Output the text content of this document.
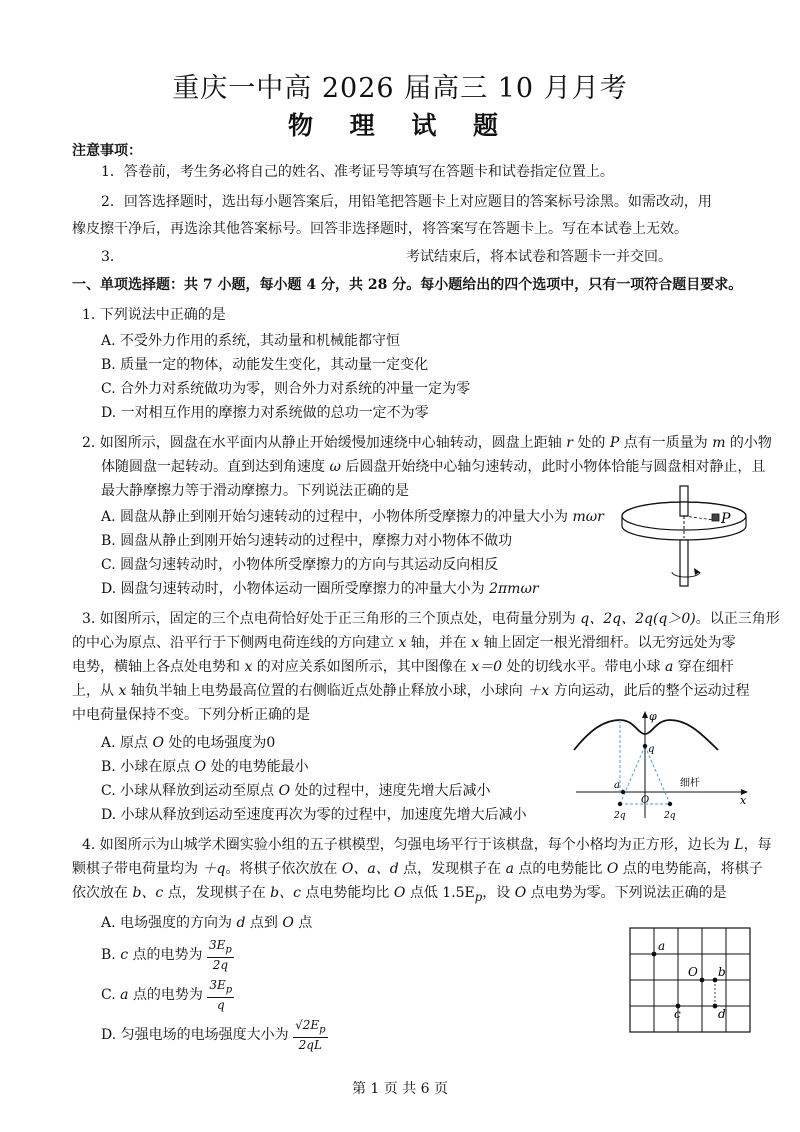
重庆一中高 2026 届高三 10 月月考
物 理 试 题
注意事项：
1．答卷前，考生务必将自己的姓名、准考证号等填写在答题卡和试卷指定位置上。
2．回答选择题时，选出每小题答案后，用铅笔把答题卡上对应题目的答案标号涂黑。如需改动，用
橡皮擦干净后，再选涂其他答案标号。回答非选择题时，将答案写在答题卡上。写在本试卷上无效。
3．	考试结束后，将本试卷和答题卡一并交回。
一、单项选择题：共 7 小题，每小题 4 分，共 28 分。每小题给出的四个选项中，只有一项符合题目要求。
1. 下列说法中正确的是
A. 不受外力作用的系统，其动量和机械能都守恒
B. 质量一定的物体，动能发生变化，其动量一定变化
C. 合外力对系统做功为零，则合外力对系统的冲量一定为零
D. 一对相互作用的摩擦力对系统做的总功一定不为零
2. 如图所示，圆盘在水平面内从静止开始缓慢加速绕中心轴转动，圆盘上距轴 r 处的 P 点有一质量为 m 的小物
体随圆盘一起转动。直到达到角速度 ω 后圆盘开始绕中心轴匀速转动，此时小物体恰能与圆盘相对静止，且
最大静摩擦力等于滑动摩擦力。下列说法正确的是
A. 圆盘从静止到刚开始匀速转动的过程中，小物体所受摩擦力的冲量大小为 mωr
B. 圆盘从静止到刚开始匀速转动的过程中，摩擦力对小物体不做功
C. 圆盘匀速转动时，小物体所受摩擦力的方向与其运动反向相反
D. 圆盘匀速转动时，小物体运动一圈所受摩擦力的冲量大小为 2πmωr
P
3. 如图所示，固定的三个点电荷恰好处于正三角形的三个顶点处，电荷量分别为 q、2q、2q(q＞0)。以正三角形
的中心为原点、沿平行于下侧两电荷连线的方向建立 x 轴，并在 x 轴上固定一根光滑细杆。以无穷远处为零
电势，横轴上各点处电势和 x 的对应关系如图所示，其中图像在 x＝0 处的切线水平。带电小球 a 穿在细杆
上，从 x 轴负半轴上电势最高位置的右侧临近点处静止释放小球，小球向 ＋x 方向运动，此后的整个运动过程
中电荷量保持不变。下列分析正确的是
A. 原点 O 处的电场强度为0
B. 小球在原点 O 处的电势能最小
C. 小球从释放到运动至原点 O 处的过程中，速度先增大后减小
D. 小球从释放到运动至速度再次为零的过程中，加速度先增大后减小
x
φ
q
a
O
2q	2q
细杆
4. 如图所示为山城学术圈实验小组的五子棋模型，匀强电场平行于该棋盘，每个小格均为正方形，边长为 L，每
颗棋子带电荷量均为 ＋q。将棋子依次放在 O、a、d 点，发现棋子在 a 点的电势能比 O 点的电势能高，将棋子
依次放在 b、c 点，发现棋子在 b、c 点电势能均比 O 点低 $1.5E_p$，设 O 点电势为零。下列说法正确的是
A. 电场强度的方向为 d 点到 O 点
B. c 点的电势为 $\frac{3E_p}{2q}$
C. a 点的电势为 $\frac{3E_p}{q}$
D. 匀强电场的电场强度大小为 $\frac{√2E_p}{2qL}$
a
O b
c	d
第 1 页 共 6 页
